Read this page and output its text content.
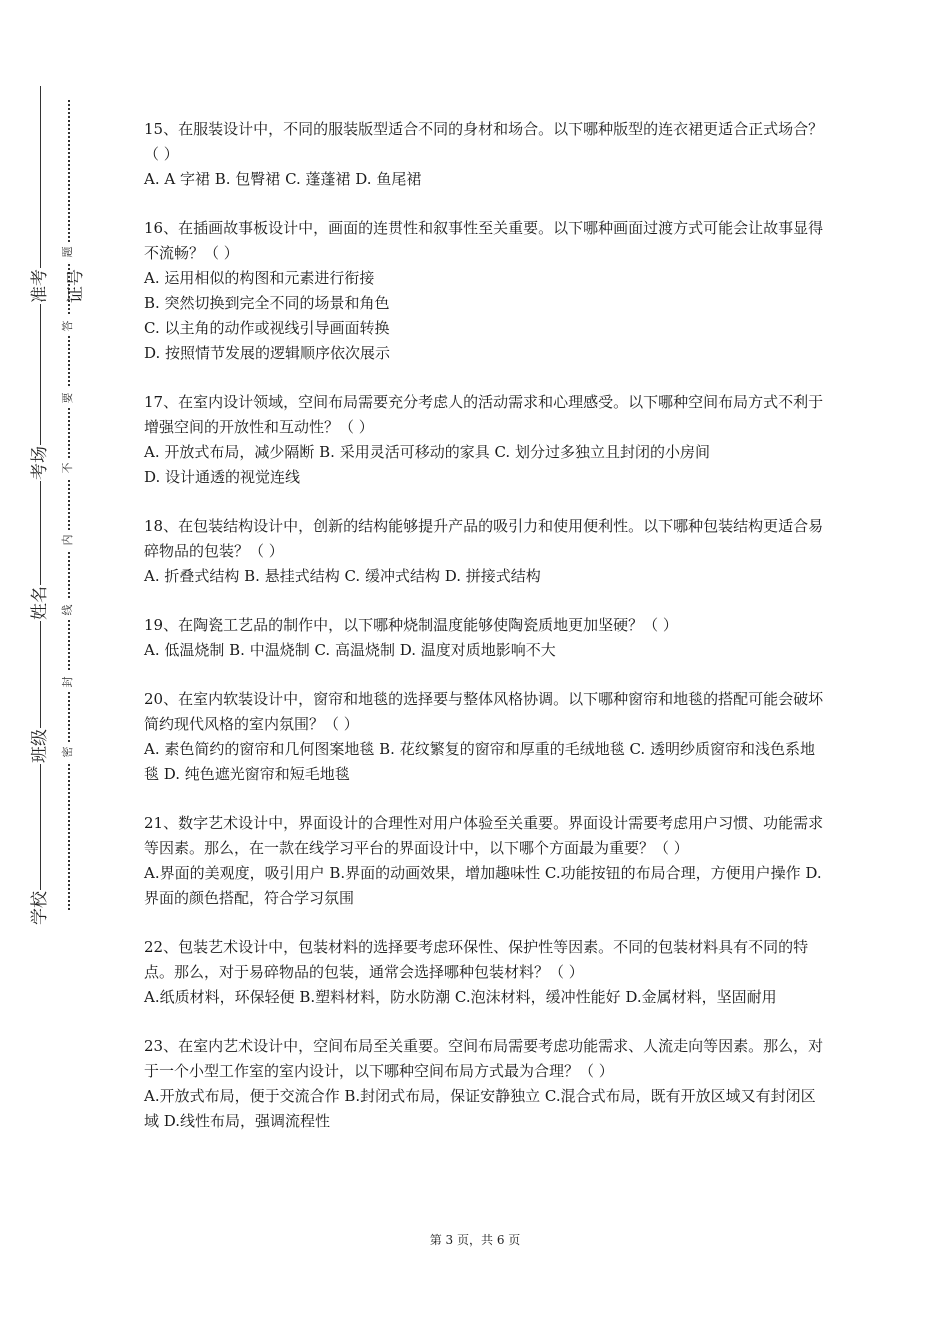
准考证号
考场
姓名
班级
学校
题
答
要
不
内
线
封
密

15、在服装设计中，不同的服装版型适合不同的身材和场合。以下哪种版型的连衣裙更适合正式场合？（ ）

A. A 字裙 B. 包臀裙 C. 蓬蓬裙 D. 鱼尾裙

16、在插画故事板设计中，画面的连贯性和叙事性至关重要。以下哪种画面过渡方式可能会让故事显得不流畅？（ ）

A. 运用相似的构图和元素进行衔接

B. 突然切换到完全不同的场景和角色

C. 以主角的动作或视线引导画面转换

D. 按照情节发展的逻辑顺序依次展示

17、在室内设计领域，空间布局需要充分考虑人的活动需求和心理感受。以下哪种空间布局方式不利于增强空间的开放性和互动性？（ ）

A. 开放式布局，减少隔断 B. 采用灵活可移动的家具 C. 划分过多独立且封闭的小房间

D. 设计通透的视觉连线

18、在包装结构设计中，创新的结构能够提升产品的吸引力和使用便利性。以下哪种包装结构更适合易碎物品的包装？（ ）

A. 折叠式结构 B. 悬挂式结构 C. 缓冲式结构 D. 拼接式结构

19、在陶瓷工艺品的制作中，以下哪种烧制温度能够使陶瓷质地更加坚硬？（ ）

A. 低温烧制 B. 中温烧制 C. 高温烧制 D. 温度对质地影响不大

20、在室内软装设计中，窗帘和地毯的选择要与整体风格协调。以下哪种窗帘和地毯的搭配可能会破坏简约现代风格的室内氛围？（ ）

A. 素色简约的窗帘和几何图案地毯 B. 花纹繁复的窗帘和厚重的毛绒地毯 C. 透明纱质窗帘和浅色系地毯 D. 纯色遮光窗帘和短毛地毯

21、数字艺术设计中，界面设计的合理性对用户体验至关重要。界面设计需要考虑用户习惯、功能需求等因素。那么，在一款在线学习平台的界面设计中，以下哪个方面最为重要？（ ）

A.界面的美观度，吸引用户 B.界面的动画效果，增加趣味性 C.功能按钮的布局合理，方便用户操作 D.界面的颜色搭配，符合学习氛围

22、包装艺术设计中，包装材料的选择要考虑环保性、保护性等因素。不同的包装材料具有不同的特点。那么，对于易碎物品的包装，通常会选择哪种包装材料？（ ）

A.纸质材料，环保轻便 B.塑料材料，防水防潮 C.泡沫材料，缓冲性能好 D.金属材料，坚固耐用

23、在室内艺术设计中，空间布局至关重要。空间布局需要考虑功能需求、人流走向等因素。那么，对于一个小型工作室的室内设计，以下哪种空间布局方式最为合理？（ ）

A.开放式布局，便于交流合作 B.封闭式布局，保证安静独立 C.混合式布局，既有开放区域又有封闭区域 D.线性布局，强调流程性

第 3 页，共 6 页
